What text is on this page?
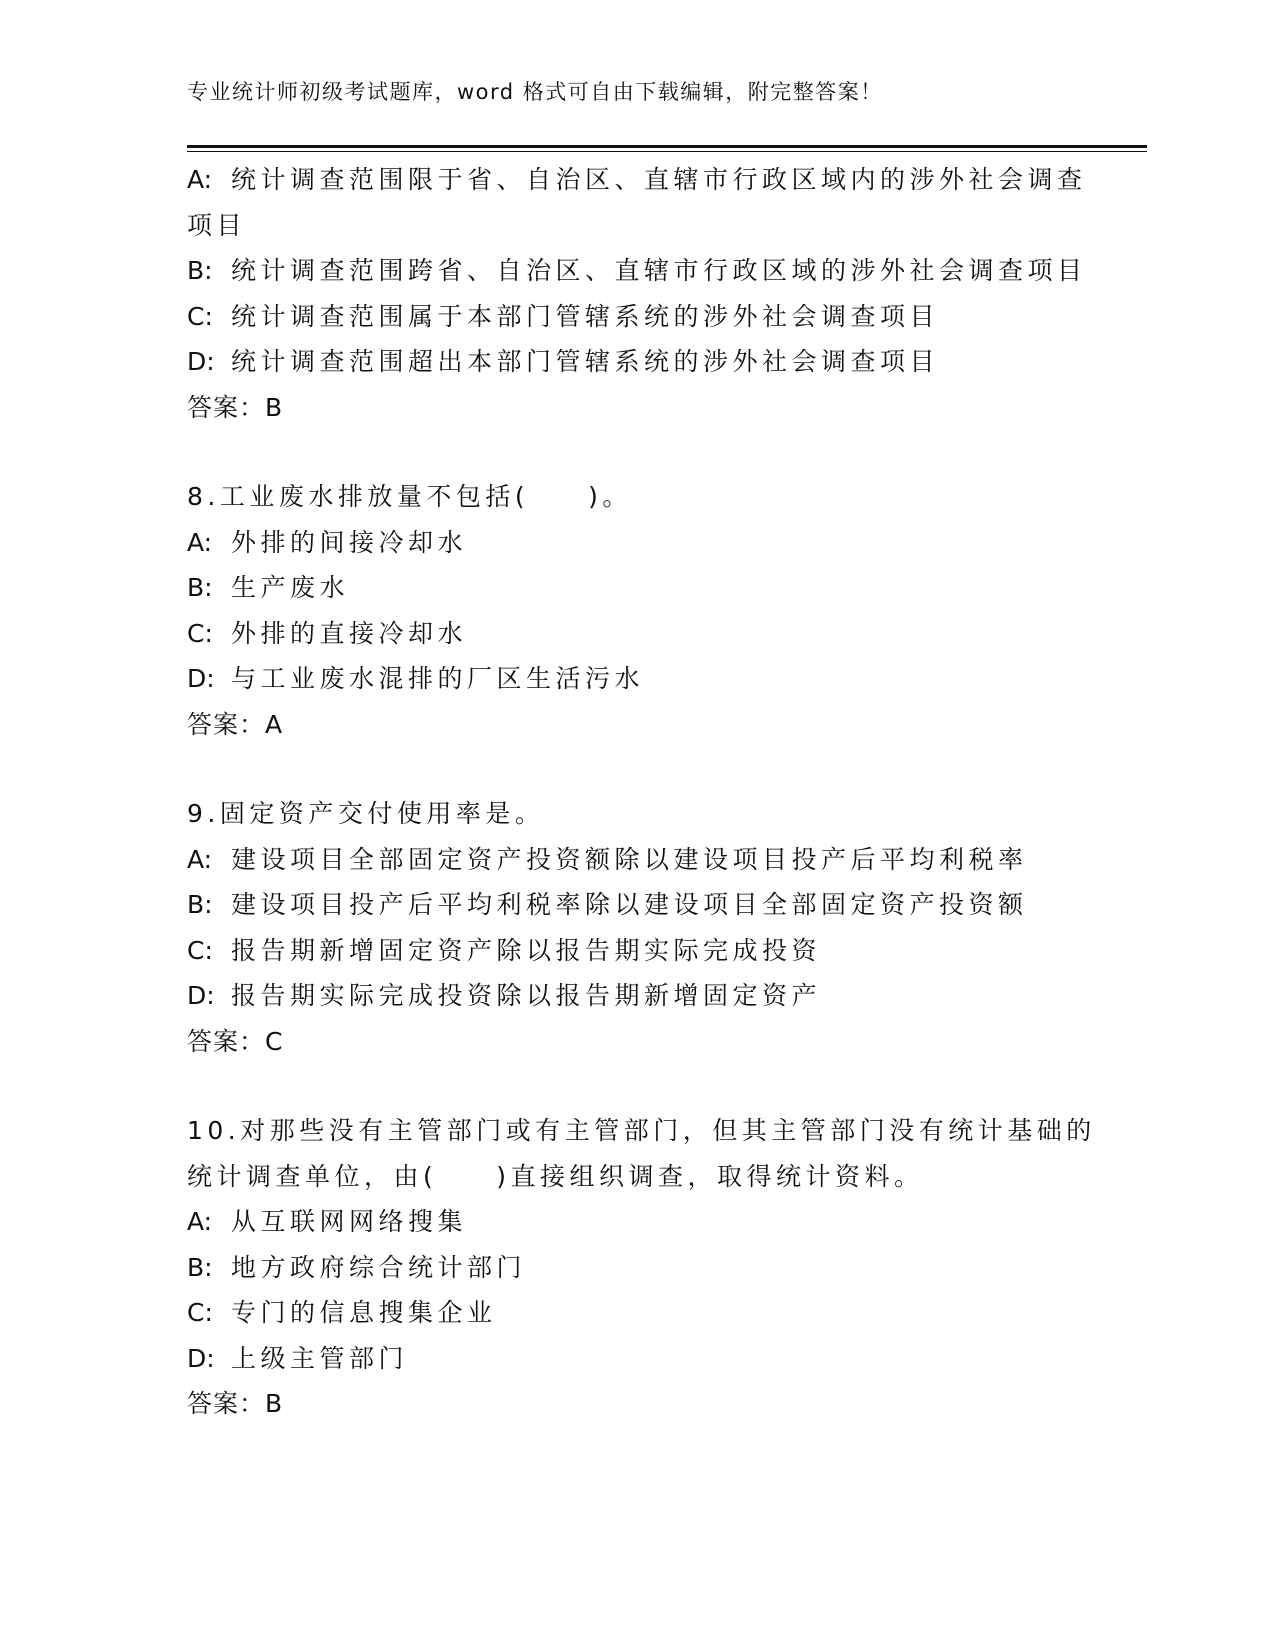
专业统计师初级考试题库，word 格式可自由下载编辑，附完整答案！
A: 统计调查范围限于省、自治区、直辖市行政区域内的涉外社会调查
项目
B: 统计调查范围跨省、自治区、直辖市行政区域的涉外社会调查项目
C: 统计调查范围属于本部门管辖系统的涉外社会调查项目
D: 统计调查范围超出本部门管辖系统的涉外社会调查项目
答案：B
8.工业废水排放量不包括(　　)。
A: 外排的间接冷却水
B: 生产废水
C: 外排的直接冷却水
D: 与工业废水混排的厂区生活污水
答案：A
9.固定资产交付使用率是。
A: 建设项目全部固定资产投资额除以建设项目投产后平均利税率
B: 建设项目投产后平均利税率除以建设项目全部固定资产投资额
C: 报告期新增固定资产除以报告期实际完成投资
D: 报告期实际完成投资除以报告期新增固定资产
答案：C
10.对那些没有主管部门或有主管部门，但其主管部门没有统计基础的
统计调查单位，由(　　)直接组织调查，取得统计资料。
A: 从互联网网络搜集
B: 地方政府综合统计部门
C: 专门的信息搜集企业
D: 上级主管部门
答案：B
